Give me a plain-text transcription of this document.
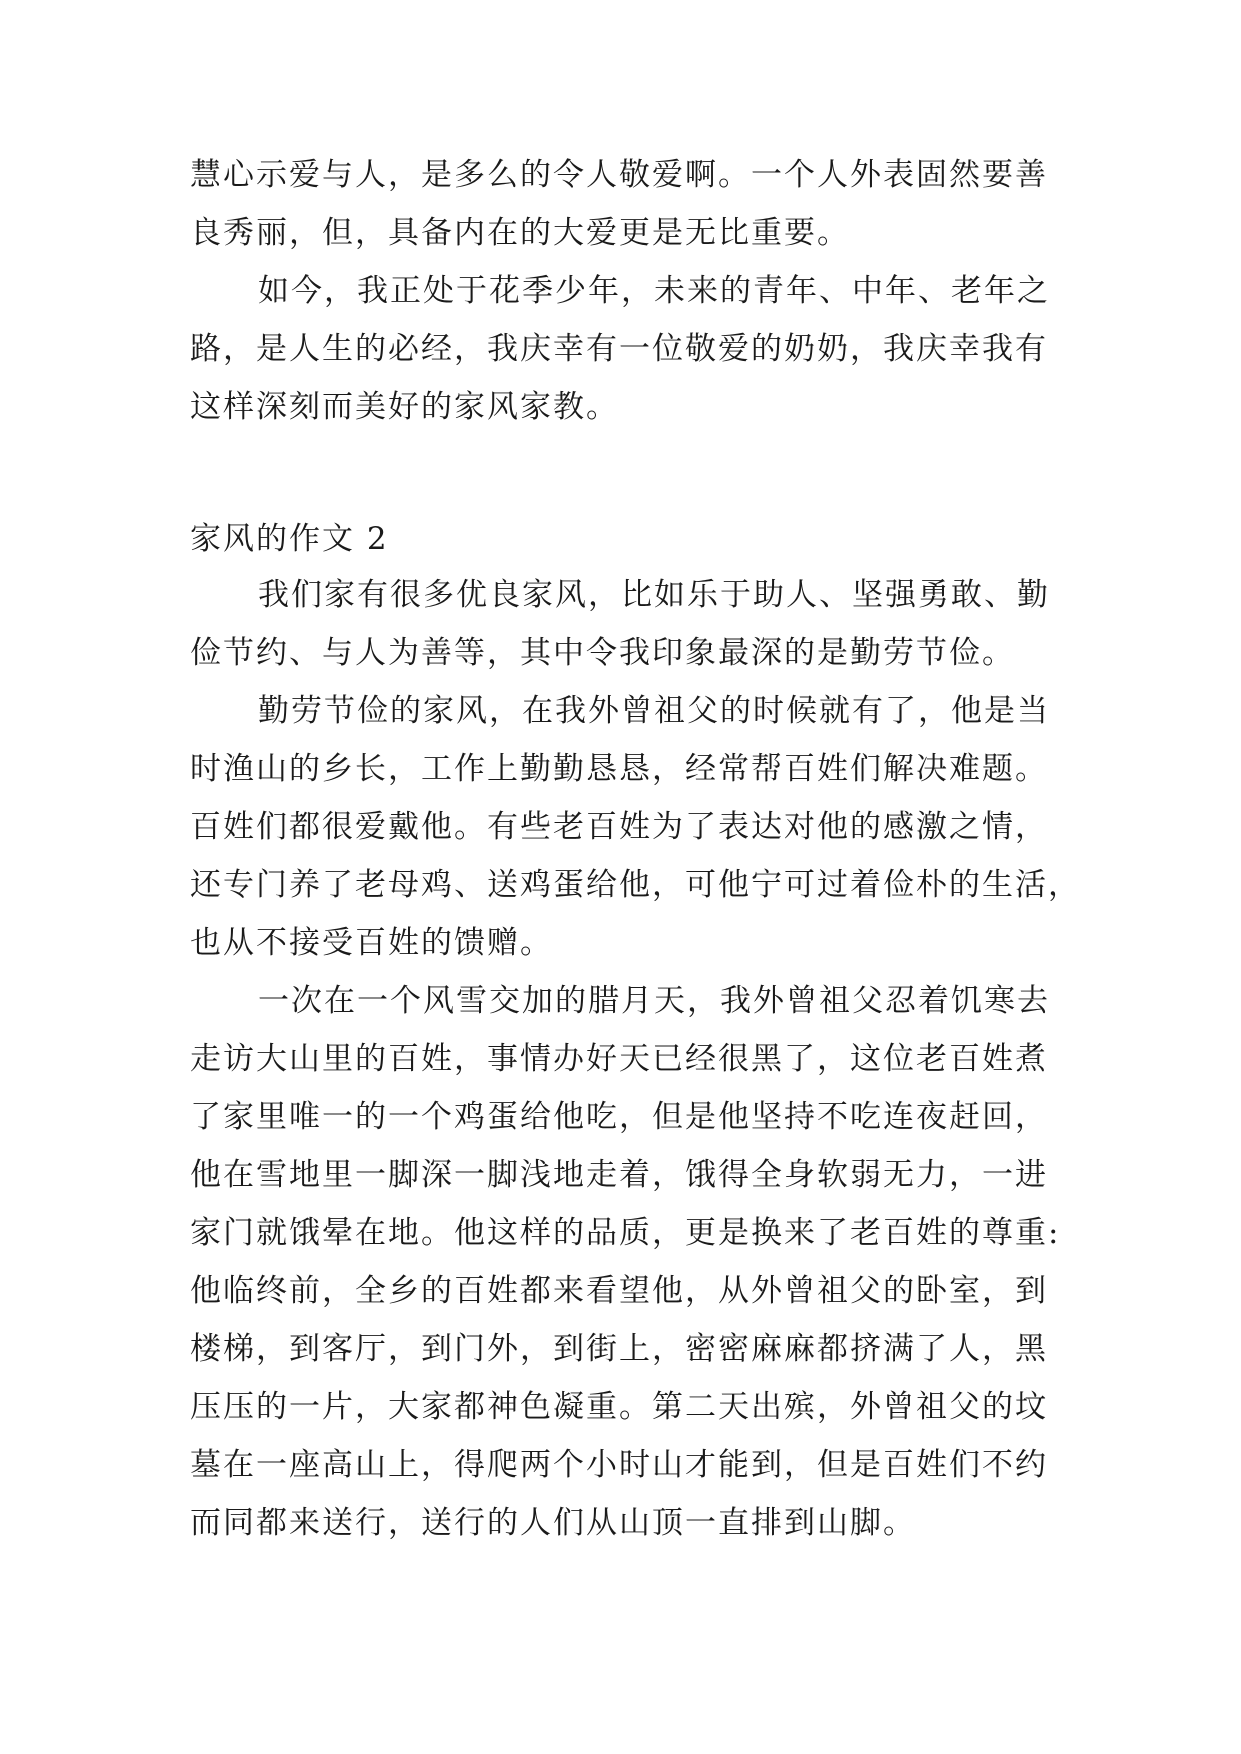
慧心示爱与人，是多么的令人敬爱啊。一个人外表固然要善
良秀丽，但，具备内在的大爱更是无比重要。
如今，我正处于花季少年，未来的青年、中年、老年之
路，是人生的必经，我庆幸有一位敬爱的奶奶，我庆幸我有
这样深刻而美好的家风家教。
家风的作文 2
我们家有很多优良家风，比如乐于助人、坚强勇敢、勤
俭节约、与人为善等，其中令我印象最深的是勤劳节俭。
勤劳节俭的家风，在我外曾祖父的时候就有了，他是当
时渔山的乡长，工作上勤勤恳恳，经常帮百姓们解决难题。
百姓们都很爱戴他。有些老百姓为了表达对他的感激之情，
还专门养了老母鸡、送鸡蛋给他，可他宁可过着俭朴的生活，
也从不接受百姓的馈赠。
一次在一个风雪交加的腊月天，我外曾祖父忍着饥寒去
走访大山里的百姓，事情办好天已经很黑了，这位老百姓煮
了家里唯一的一个鸡蛋给他吃，但是他坚持不吃连夜赶回，
他在雪地里一脚深一脚浅地走着，饿得全身软弱无力，一进
家门就饿晕在地。他这样的品质，更是换来了老百姓的尊重:
他临终前，全乡的百姓都来看望他，从外曾祖父的卧室，到
楼梯，到客厅，到门外，到街上，密密麻麻都挤满了人，黑
压压的一片，大家都神色凝重。第二天出殡，外曾祖父的坟
墓在一座高山上，得爬两个小时山才能到，但是百姓们不约
而同都来送行，送行的人们从山顶一直排到山脚。
